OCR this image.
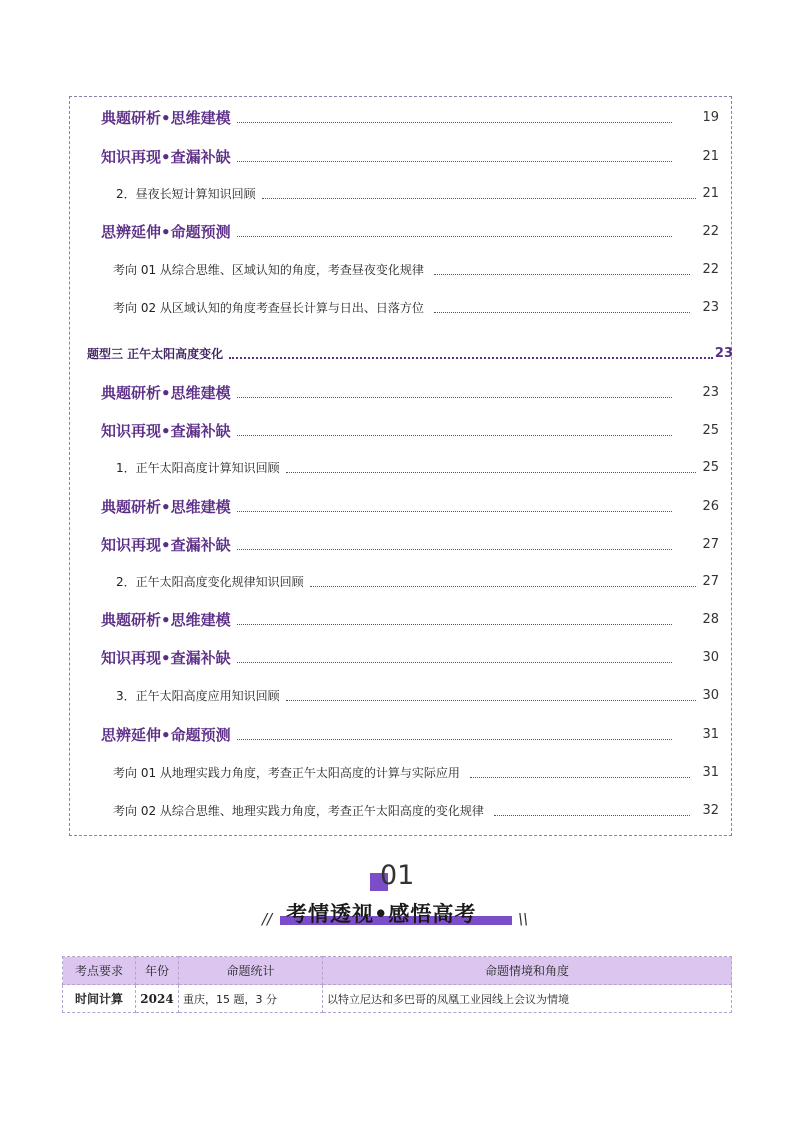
典题研析•思维建模	19
知识再现•查漏补缺	21
2．昼夜长短计算知识回顾	21
思辨延伸•命题预测	22
考向 01 从综合思维、区域认知的角度，考查昼夜变化规律	22
考向 02 从区域认知的角度考查昼长计算与日出、日落方位	23
题型三 正午太阳高度变化	23
典题研析•思维建模	23
知识再现•查漏补缺	25
1．正午太阳高度计算知识回顾	25
典题研析•思维建模	26
知识再现•查漏补缺	27
2．正午太阳高度变化规律知识回顾	27
典题研析•思维建模	28
知识再现•查漏补缺	30
3．正午太阳高度应用知识回顾	30
思辨延伸•命题预测	31
考向 01 从地理实践力角度，考查正午太阳高度的计算与实际应用	31
考向 02 从综合思维、地理实践力角度，考查正午太阳高度的变化规律	32
01
考情透视•感悟高考
//	\\
考点要求	年份	命题统计	命题情境和角度
时间计算	2024	重庆，15 题，3 分	以特立尼达和多巴哥的凤凰工业园线上会议为情境
